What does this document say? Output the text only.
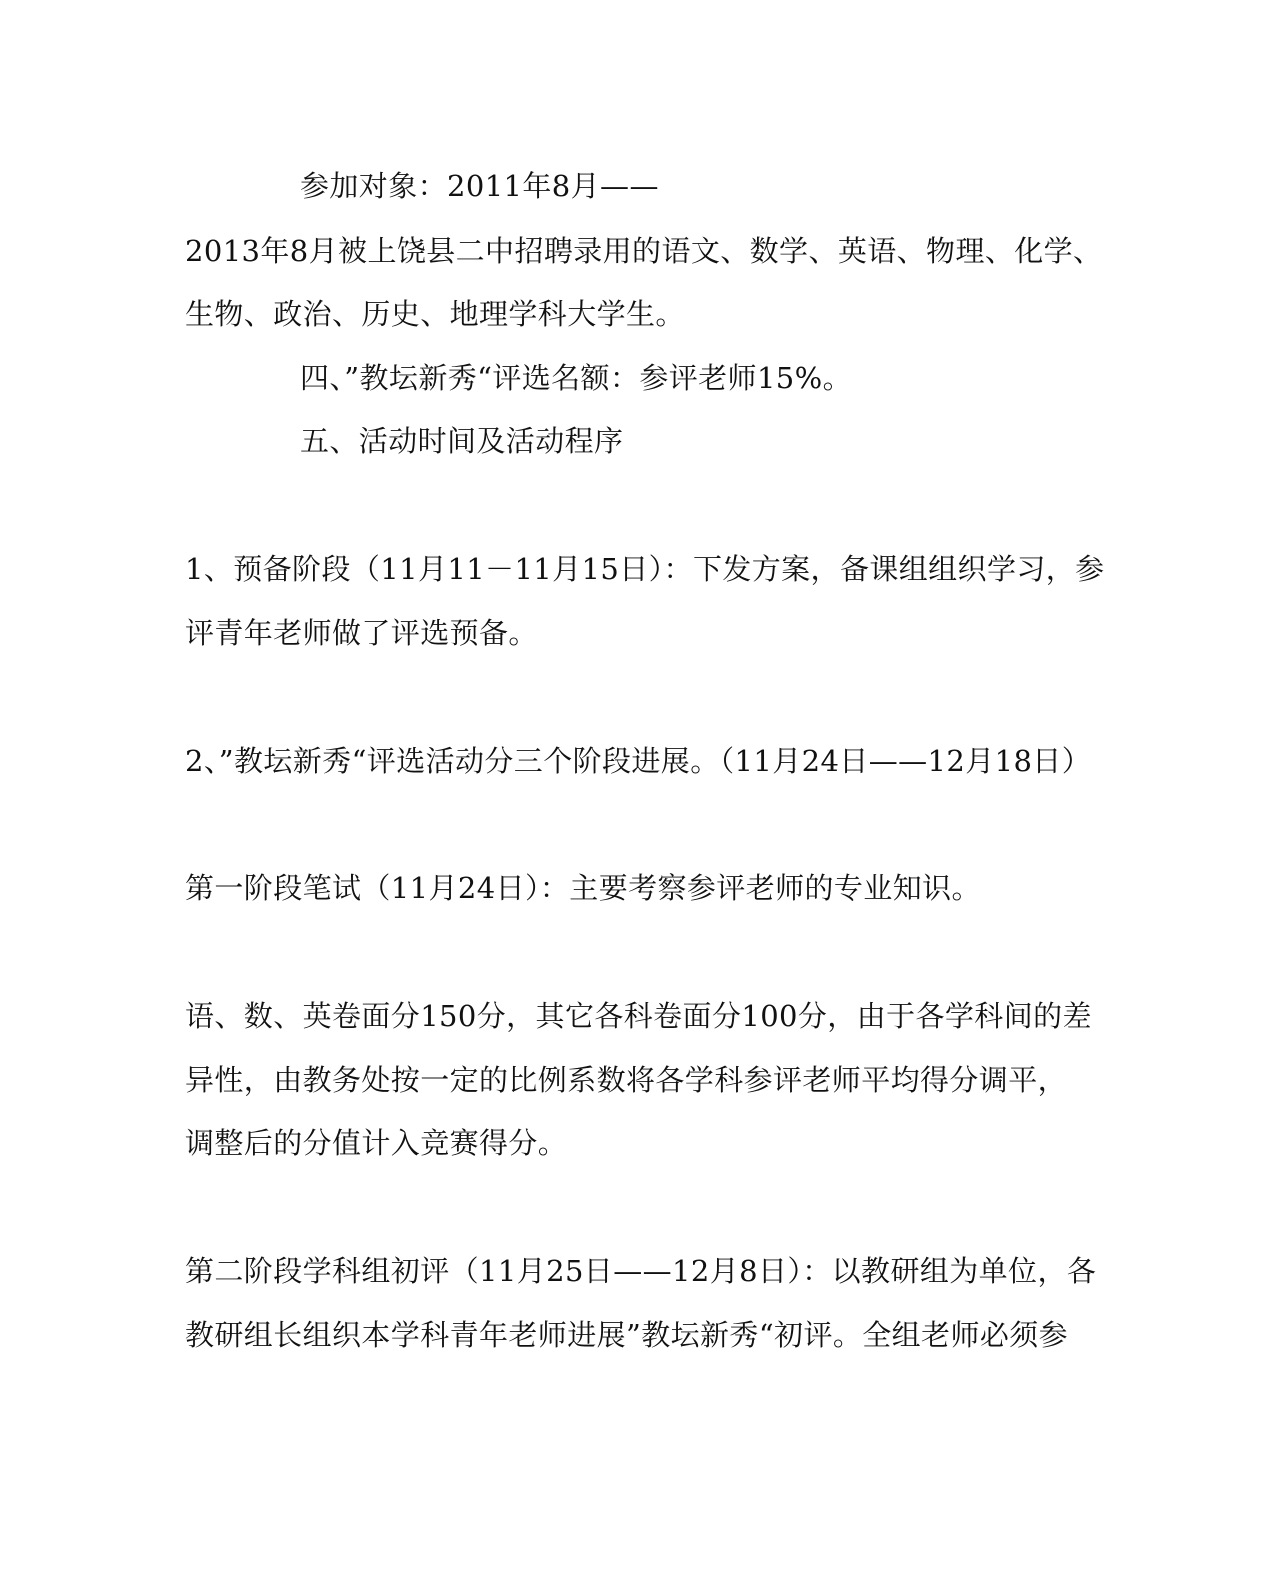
参加对象：2011年8月——
2013年8月被上饶县二中招聘录用的语文、数学、英语、物理、化学、
生物、政治、历史、地理学科大学生。
四、”教坛新秀“评选名额：参评老师15%。
五、活动时间及活动程序
1、预备阶段（11月11－11月15日）：下发方案，备课组组织学习，参
评青年老师做了评选预备。
2、”教坛新秀“评选活动分三个阶段进展。（11月24日——12月18日）
第一阶段笔试（11月24日）：主要考察参评老师的专业知识。
语、数、英卷面分150分，其它各科卷面分100分，由于各学科间的差
异性，由教务处按一定的比例系数将各学科参评老师平均得分调平，
调整后的分值计入竞赛得分。
第二阶段学科组初评（11月25日——12月8日）：以教研组为单位，各
教研组长组织本学科青年老师进展”教坛新秀“初评。全组老师必须参
